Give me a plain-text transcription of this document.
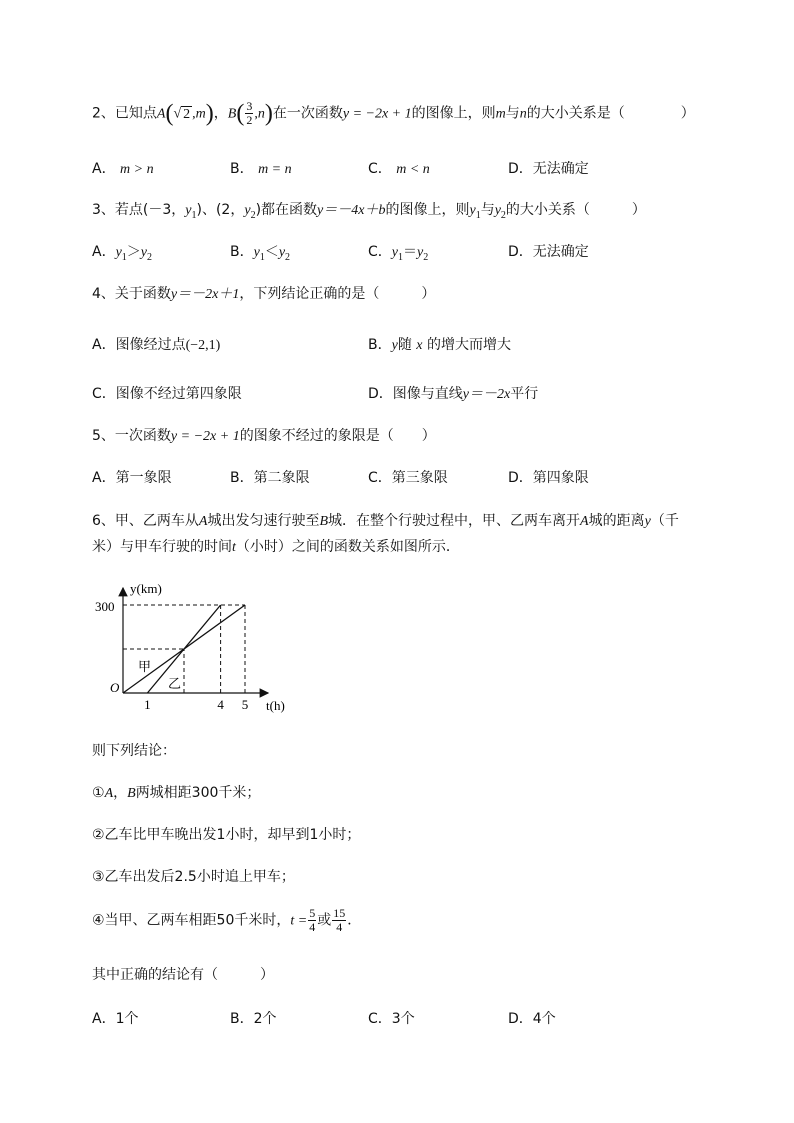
2、已知点A(√ 2 ,m)，$B( \frac{3}{2} ,n)$在一次函数y = −2x + 1的图像上，则m与n的大小关系是（　　　　）
A． m > n	B． m = n	C． m < n	D．无法确定
3、若点(－3，$y_1$)、(2，$y_2$)都在函数y＝－4x＋b的图像上，则$y_1$与$y_2$的大小关系（　　　）
A．$y_1>y_2$	B．$y_1<y_2$	C．$y_1=y_2$	D．无法确定
4、关于函数y＝－2x＋1，下列结论正确的是（　　　）
A．图像经过点(−2,1)	B．y随 x 的增大而增大
C．图像不经过第四象限	D．图像与直线y＝－2x平行
5、一次函数y = −2x + 1的图象不经过的象限是（　　）
A．第一象限	B．第二象限	C．第三象限	D．第四象限
6、甲、乙两车从A城出发匀速行驶至B城．在整个行驶过程中，甲、乙两车离开A城的距离y（千
米）与甲车行驶的时间t（小时）之间的函数关系如图所示．
y(km)
t(h)
O
300
1	4 5
甲
乙
则下列结论：
①A，B两城相距300千米；
②乙车比甲车晚出发1小时，却早到1小时；
③乙车出发后2.5小时追上甲车；
④当甲、乙两车相距50千米时，$t = \frac{5}{4}$ 或 $\frac{15}{4}$ ．
其中正确的结论有（　　　）
A．1个	B．2个	C．3个	D．4个
